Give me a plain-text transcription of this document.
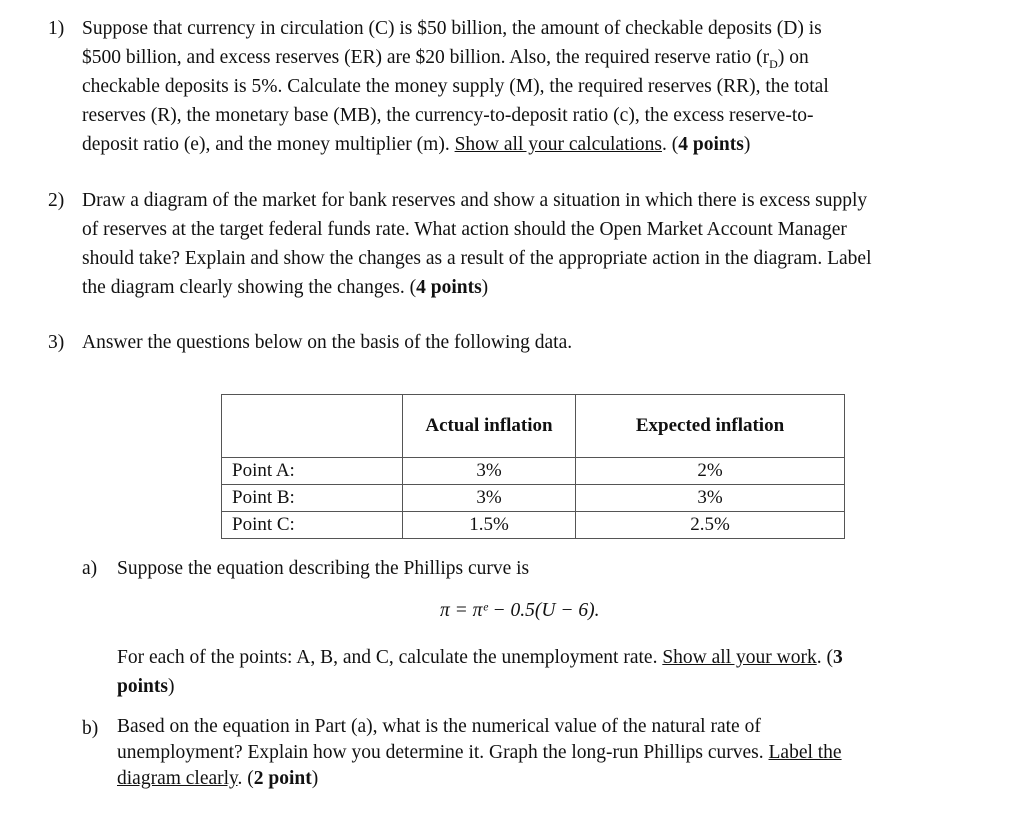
1) Suppose that currency in circulation (C) is $50 billion, the amount of checkable deposits (D) is
$500 billion, and excess reserves (ER) are $20 billion. Also, the required reserve ratio $(r_D)$ on
checkable deposits is 5%. Calculate the money supply (M), the required reserves (RR), the total
reserves (R), the monetary base (MB), the currency-to-deposit ratio (c), the excess reserve-to-
deposit ratio (e), and the money multiplier (m). Show all your calculations. (4 points)
2) Draw a diagram of the market for bank reserves and show a situation in which there is excess supply
of reserves at the target federal funds rate. What action should the Open Market Account Manager
should take? Explain and show the changes as a result of the appropriate action in the diagram. Label
the diagram clearly showing the changes. (4 points)
3) Answer the questions below on the basis of the following data.
	Actual inflation	Expected inflation
Point A:	3%	2%
Point B:	3%	3%
Point C:	1.5%	2.5%
a) Suppose the equation describing the Phillips curve is
π = πᵉ − 0.5(U − 6).
For each of the points: A, B, and C, calculate the unemployment rate. Show all your work. (3
points)
b) Based on the equation in Part (a), what is the numerical value of the natural rate of
unemployment? Explain how you determine it. Graph the long-run Phillips curves. Label the
diagram clearly. (2 point)
